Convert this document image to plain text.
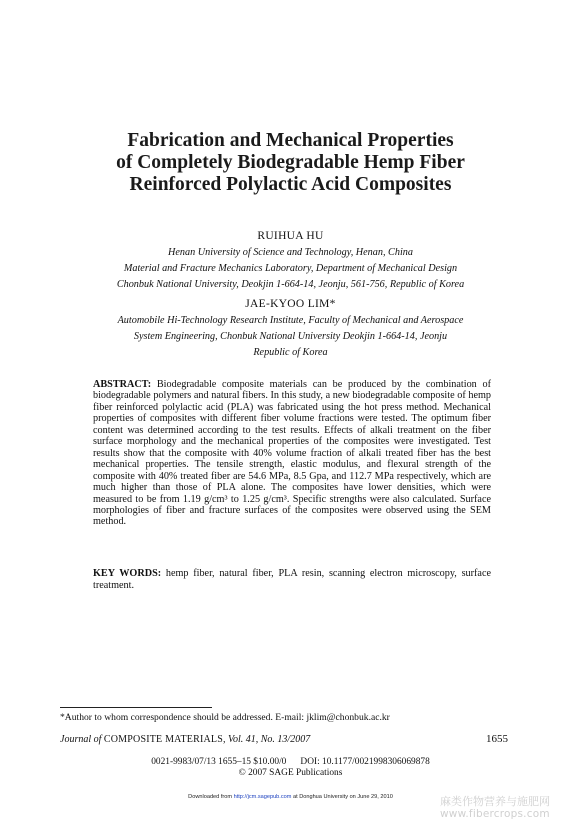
Fabrication and Mechanical Properties
of Completely Biodegradable Hemp Fiber
Reinforced Polylactic Acid Composites
RUIHUA HU
Henan University of Science and Technology, Henan, China
Material and Fracture Mechanics Laboratory, Department of Mechanical Design
Chonbuk National University, Deokjin 1-664-14, Jeonju, 561-756, Republic of Korea
JAE-KYOO LIM*
Automobile Hi-Technology Research Institute, Faculty of Mechanical and Aerospace
System Engineering, Chonbuk National University Deokjin 1-664-14, Jeonju
Republic of Korea
ABSTRACT: Biodegradable composite materials can be produced by the combination of biodegradable polymers and natural fibers. In this study, a new biodegradable composite of hemp fiber reinforced polylactic acid (PLA) was fabricated using the hot press method. Mechanical properties of composites with different fiber volume fractions were tested. The optimum fiber content was determined according to the test results. Effects of alkali treatment on the fiber surface morphology and the mechanical properties of the composites were investigated. Test results show that the composite with 40% volume fraction of alkali treated fiber has the best mechanical properties. The tensile strength, elastic modulus, and flexural strength of the composite with 40% treated fiber are 54.6 MPa, 8.5 Gpa, and 112.7 MPa respectively, which are much higher than those of PLA alone. The composites have lower densities, which were measured to be from 1.19 g/cm³ to 1.25 g/cm³. Specific strengths were also calculated. Surface morphologies of fiber and fracture surfaces of the composites were observed using the SEM method.
KEY WORDS: hemp fiber, natural fiber, PLA resin, scanning electron microscopy, surface treatment.
*Author to whom correspondence should be addressed. E-mail: jklim@chonbuk.ac.kr
Journal of COMPOSITE MATERIALS, Vol. 41, No. 13/2007	1655
0021-9983/07/13 1655–15 $10.00/0      DOI: 10.1177/0021998306069878
© 2007 SAGE Publications
Downloaded from http://jcm.sagepub.com at Donghua University on June 29, 2010	麻类作物营养与施肥网
www.fibercrops.com
